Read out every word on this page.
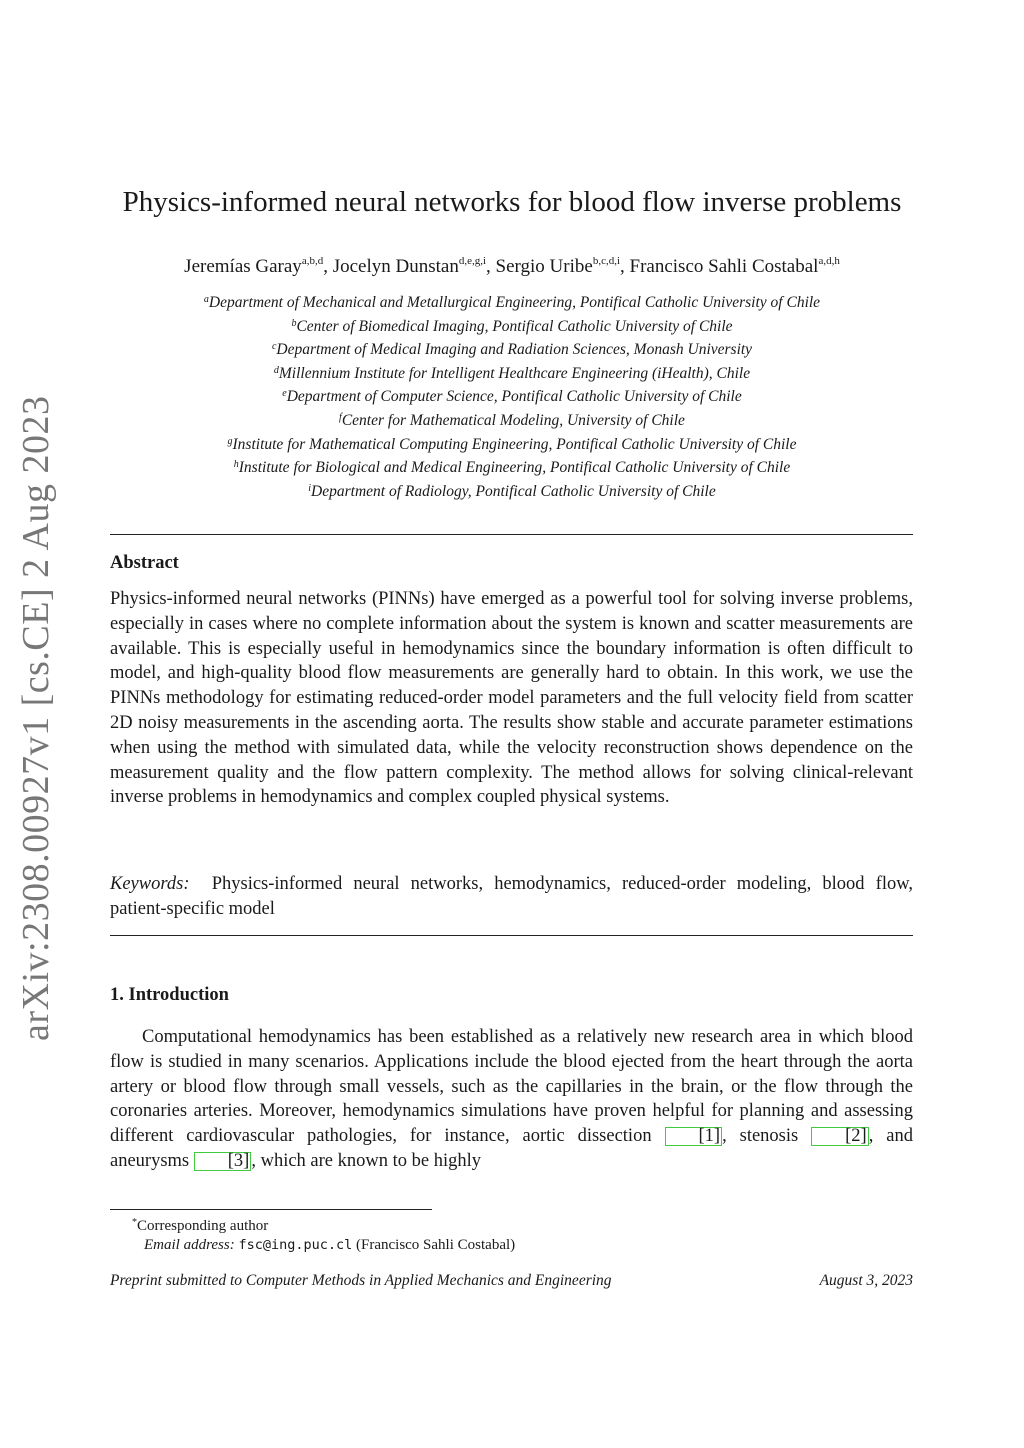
arXiv:2308.00927v1 [cs.CE] 2 Aug 2023
Physics-informed neural networks for blood flow inverse problems
Jeremías Garay$^{a,b,d}$, Jocelyn Dunstan$^{d,e,g,i}$, Sergio Uribe$^{b,c,d,i}$, Francisco Sahli Costabal$^{a,d,h}$
$^a$Department of Mechanical and Metallurgical Engineering, Pontifical Catholic University of Chile
$^b$Center of Biomedical Imaging, Pontifical Catholic University of Chile
$^c$Department of Medical Imaging and Radiation Sciences, Monash University
$^d$Millennium Institute for Intelligent Healthcare Engineering (iHealth), Chile
$^e$Department of Computer Science, Pontifical Catholic University of Chile
$^f$Center for Mathematical Modeling, University of Chile
$^g$Institute for Mathematical Computing Engineering, Pontifical Catholic University of Chile
$^h$Institute for Biological and Medical Engineering, Pontifical Catholic University of Chile
$^i$Department of Radiology, Pontifical Catholic University of Chile
Abstract
Physics-informed neural networks (PINNs) have emerged as a powerful tool for solving inverse problems, especially in cases where no complete information about the system is known and scatter measurements are available. This is especially useful in hemodynamics since the boundary information is often difficult to model, and high-quality blood flow measurements are generally hard to obtain. In this work, we use the PINNs methodology for estimating reduced-order model parameters and the full velocity field from scatter 2D noisy measurements in the ascending aorta. The results show stable and accurate parameter estimations when using the method with simulated data, while the velocity reconstruction shows dependence on the measurement quality and the flow pattern complexity. The method allows for solving clinical-relevant inverse problems in hemodynamics and complex coupled physical systems.
Keywords: Physics-informed neural networks, hemodynamics, reduced-order modeling, blood flow, patient-specific model
1. Introduction
Computational hemodynamics has been established as a relatively new research area in which blood flow is studied in many scenarios. Applications include the blood ejected from the heart through the aorta artery or blood flow through small vessels, such as the capillaries in the brain, or the flow through the coronaries arteries. Moreover, hemodynamics simulations have proven helpful for planning and assessing different cardiovascular pathologies, for instance, aortic dissection [1] , stenosis [2] , and aneurysms [3] , which are known to be highly
*Corresponding author
Email address: fsc@ing.puc.cl (Francisco Sahli Costabal)
Preprint submitted to Computer Methods in Applied Mechanics and Engineering	August 3, 2023
